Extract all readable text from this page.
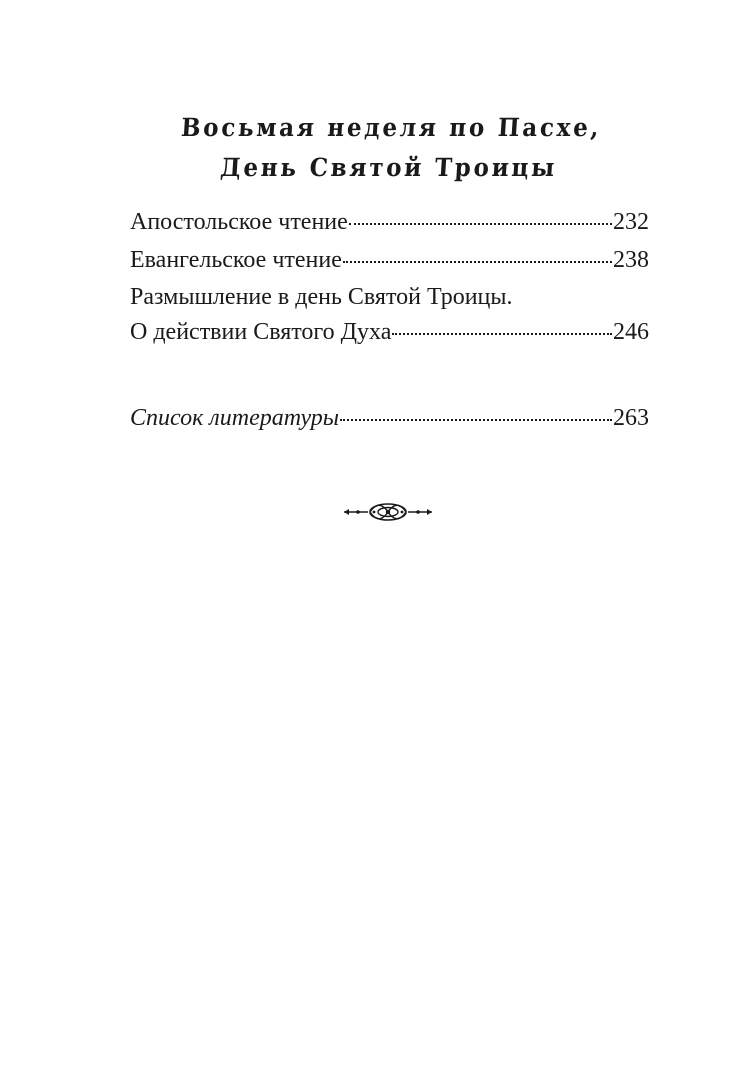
Восьмая неделя по Пасхе,
День Святой Троицы
Апостольское чтение	232
Евангельское чтение	238
Размышление в день Святой Троицы.
О действии Святого Духа	246
Список литературы	263
